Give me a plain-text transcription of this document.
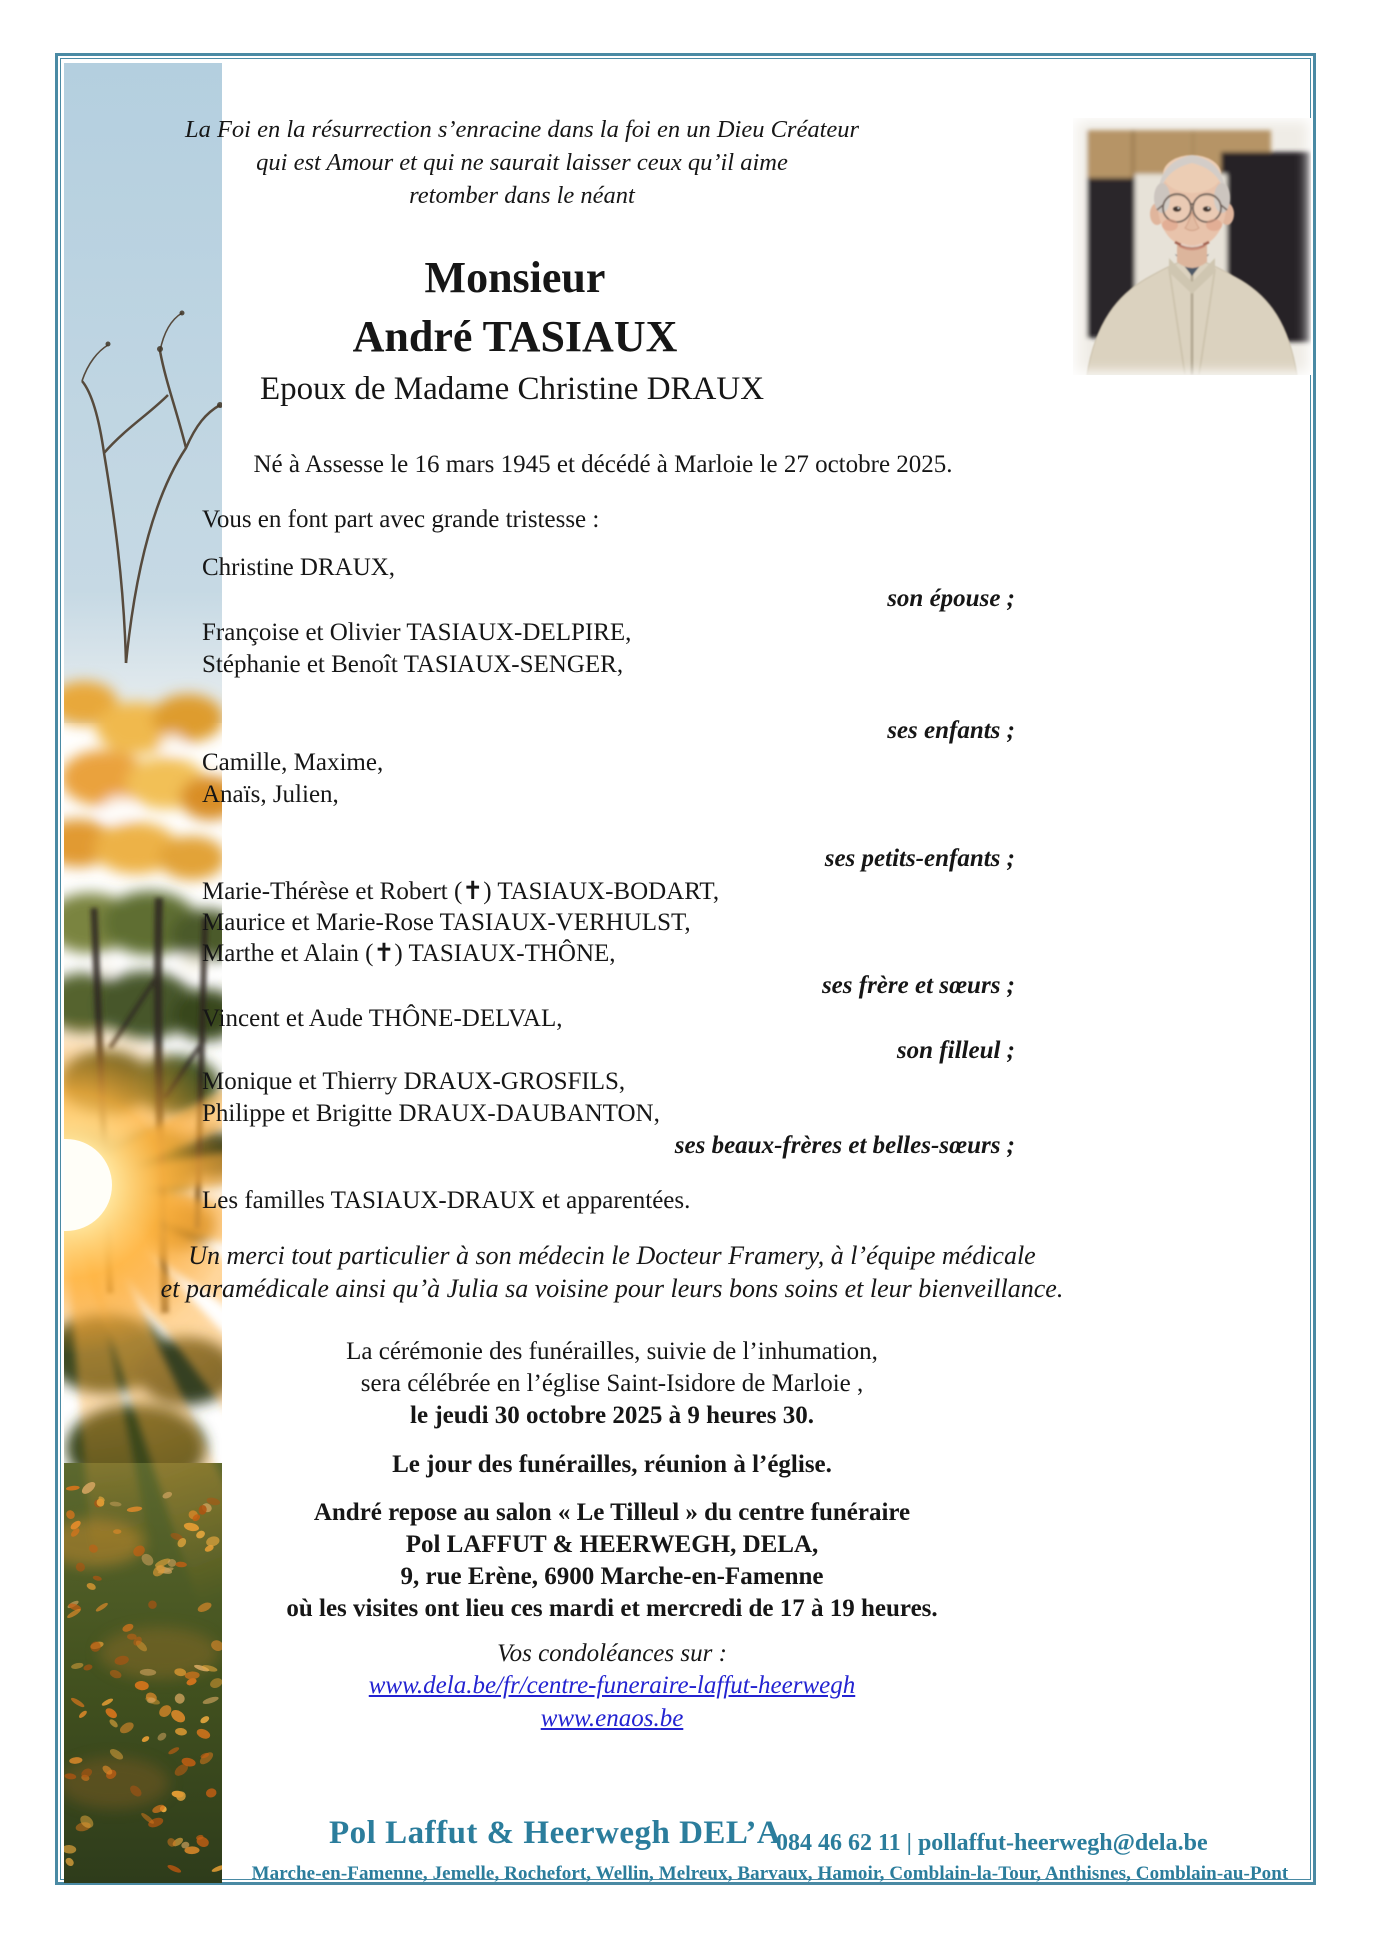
La Foi en la résurrection s’enracine dans la foi en un Dieu Créateur
qui est Amour et qui ne saurait laisser ceux qu’il aime
retomber dans le néant
Monsieur
André TASIAUX
Epoux de Madame Christine DRAUX
Né à Assesse le 16 mars 1945 et décédé à Marloie le 27 octobre 2025.
Vous en font part avec grande tristesse :
Christine DRAUX,
son épouse ;
Françoise et Olivier TASIAUX-DELPIRE,
Stéphanie et Benoît TASIAUX-SENGER,
ses enfants ;
Camille, Maxime,
Anaïs, Julien,
ses petits-enfants ;
Marie-Thérèse et Robert (✝) TASIAUX-BODART,
Maurice et Marie-Rose TASIAUX-VERHULST,
Marthe et Alain (✝) TASIAUX-THÔNE,
ses frère et sœurs ;
Vincent et Aude THÔNE-DELVAL,
son filleul ;
Monique et Thierry DRAUX-GROSFILS,
Philippe et Brigitte DRAUX-DAUBANTON,
ses beaux-frères et belles-sœurs ;
Les familles TASIAUX-DRAUX et apparentées.
Un merci tout particulier à son médecin le Docteur Framery, à l’équipe médicale
et paramédicale ainsi qu’à Julia sa voisine pour leurs bons soins et leur bienveillance.
La cérémonie des funérailles, suivie de l’inhumation,
sera célébrée en l’église Saint-Isidore de Marloie ,
le jeudi 30 octobre 2025 à 9 heures 30.
Le jour des funérailles, réunion à l’église.
André repose au salon « Le Tilleul » du centre funéraire
Pol LAFFUT & HEERWEGH, DELA,
9, rue Erène, 6900 Marche-en-Famenne
où les visites ont lieu ces mardi et mercredi de 17 à 19 heures.
Vos condoléances sur :
www.dela.be/fr/centre-funeraire-laffut-heerwegh
www.enaos.be
Pol Laffut & Heerwegh DEL’A
084 46 62 11 | pollaffut-heerwegh@dela.be
Marche-en-Famenne, Jemelle, Rochefort, Wellin, Melreux, Barvaux, Hamoir, Comblain-la-Tour, Anthisnes, Comblain-au-Pont
